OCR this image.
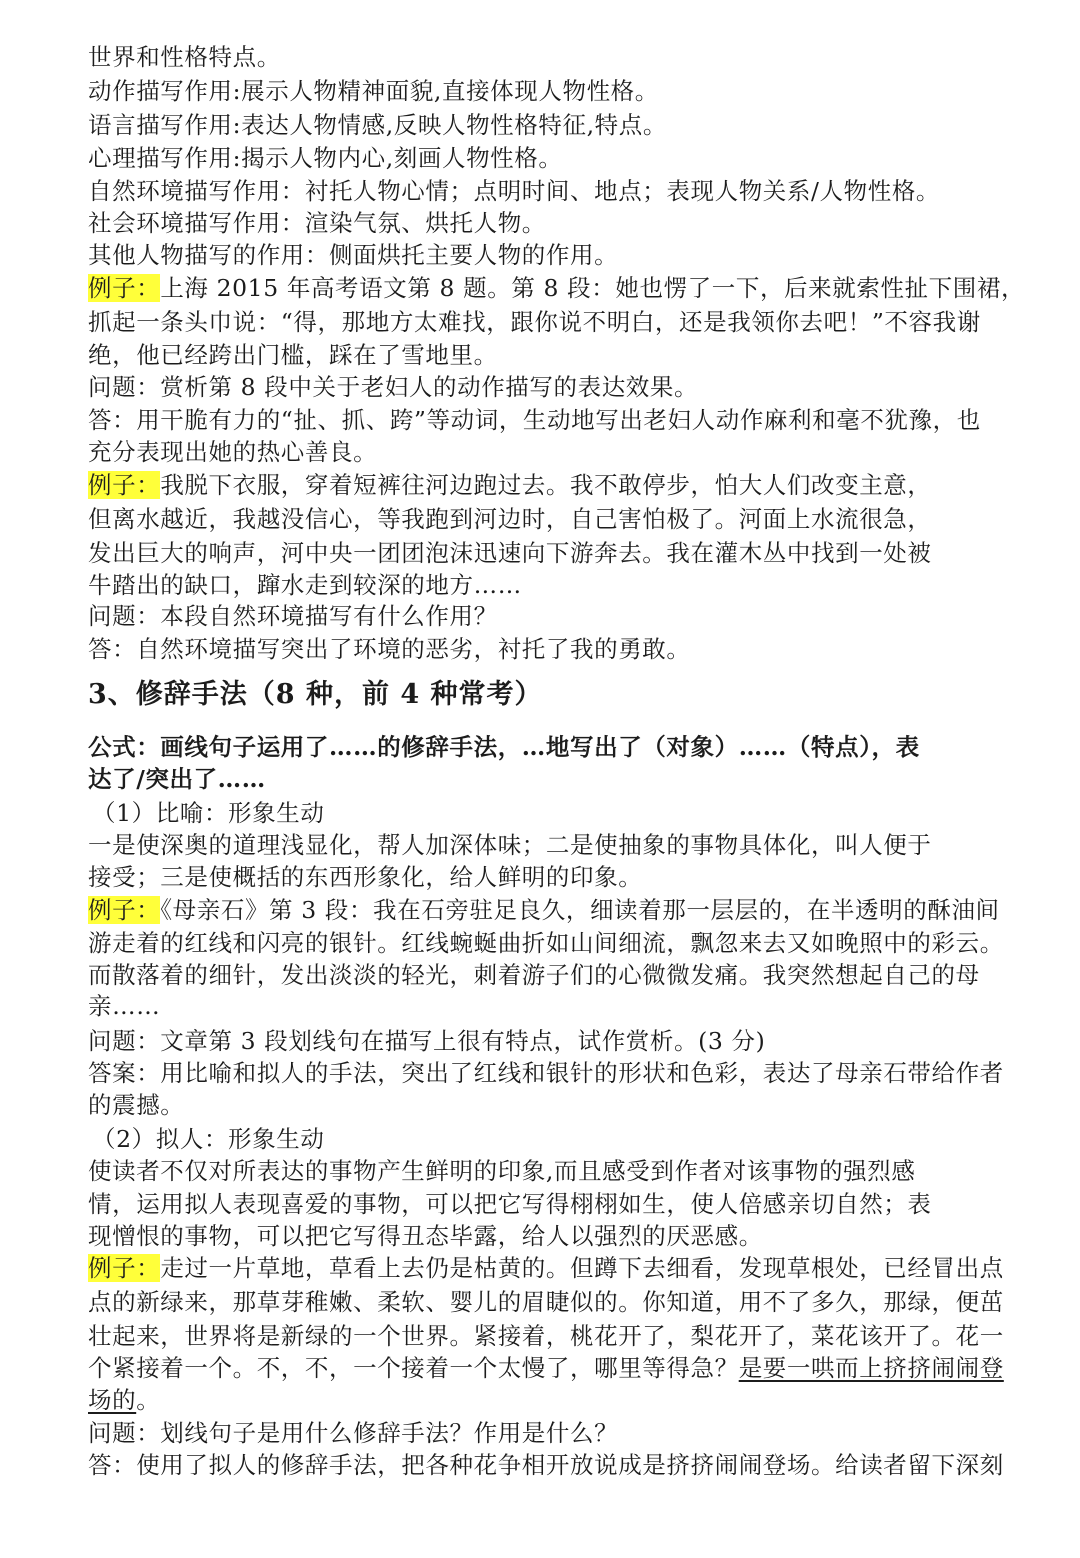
世界和性格特点。
动作描写作用:展示人物精神面貌,直接体现人物性格。
语言描写作用:表达人物情感,反映人物性格特征,特点。
心理描写作用:揭示人物内心,刻画人物性格。
自然环境描写作用：衬托人物心情；点明时间、地点；表现人物关系/人物性格。
社会环境描写作用：渲染气氛、烘托人物。
其他人物描写的作用：侧面烘托主要人物的作用。
例子：上海 2015 年高考语文第 8 题。第 8 段：她也愣了一下，后来就索性扯下围裙，
抓起一条头巾说：“得，那地方太难找，跟你说不明白，还是我领你去吧！”不容我谢
绝，他已经跨出门槛，踩在了雪地里。
问题：赏析第 8 段中关于老妇人的动作描写的表达效果。
答：用干脆有力的“扯、抓、跨”等动词，生动地写出老妇人动作麻利和毫不犹豫，也
充分表现出她的热心善良。
例子：我脱下衣服，穿着短裤往河边跑过去。我不敢停步，怕大人们改变主意，
但离水越近，我越没信心，等我跑到河边时，自己害怕极了。河面上水流很急，
发出巨大的响声，河中央一团团泡沫迅速向下游奔去。我在灌木丛中找到一处被
牛踏出的缺口，蹿水走到较深的地方……
问题：本段自然环境描写有什么作用？
答：自然环境描写突出了环境的恶劣，衬托了我的勇敢。
3、修辞手法（8 种，前 4 种常考）
公式：画线句子运用了……的修辞手法，…地写出了（对象）……（特点），表
达了/突出了……
（1）比喻：形象生动
一是使深奥的道理浅显化，帮人加深体味；二是使抽象的事物具体化，叫人便于
接受；三是使概括的东西形象化，给人鲜明的印象。
例子：《母亲石》第 3 段：我在石旁驻足良久，细读着那一层层的，在半透明的酥油间
游走着的红线和闪亮的银针。红线蜿蜒曲折如山间细流，飘忽来去又如晚照中的彩云。
而散落着的细针，发出淡淡的轻光，刺着游子们的心微微发痛。我突然想起自己的母
亲……
问题：文章第 3 段划线句在描写上很有特点，试作赏析。(3 分)
答案：用比喻和拟人的手法，突出了红线和银针的形状和色彩，表达了母亲石带给作者
的震撼。
（2）拟人：形象生动
使读者不仅对所表达的事物产生鲜明的印象,而且感受到作者对该事物的强烈感
情，运用拟人表现喜爱的事物，可以把它写得栩栩如生，使人倍感亲切自然；表
现憎恨的事物，可以把它写得丑态毕露，给人以强烈的厌恶感。
例子：走过一片草地，草看上去仍是枯黄的。但蹲下去细看，发现草根处，已经冒出点
点的新绿来，那草芽稚嫩、柔软、婴儿的眉睫似的。你知道，用不了多久，那绿，便茁
壮起来，世界将是新绿的一个世界。紧接着，桃花开了，梨花开了，菜花该开了。花一
个紧接着一个。不，不，一个接着一个太慢了，哪里等得急？是要一哄而上挤挤闹闹登
场的。
问题：划线句子是用什么修辞手法？作用是什么？
答：使用了拟人的修辞手法，把各种花争相开放说成是挤挤闹闹登场。给读者留下深刻
